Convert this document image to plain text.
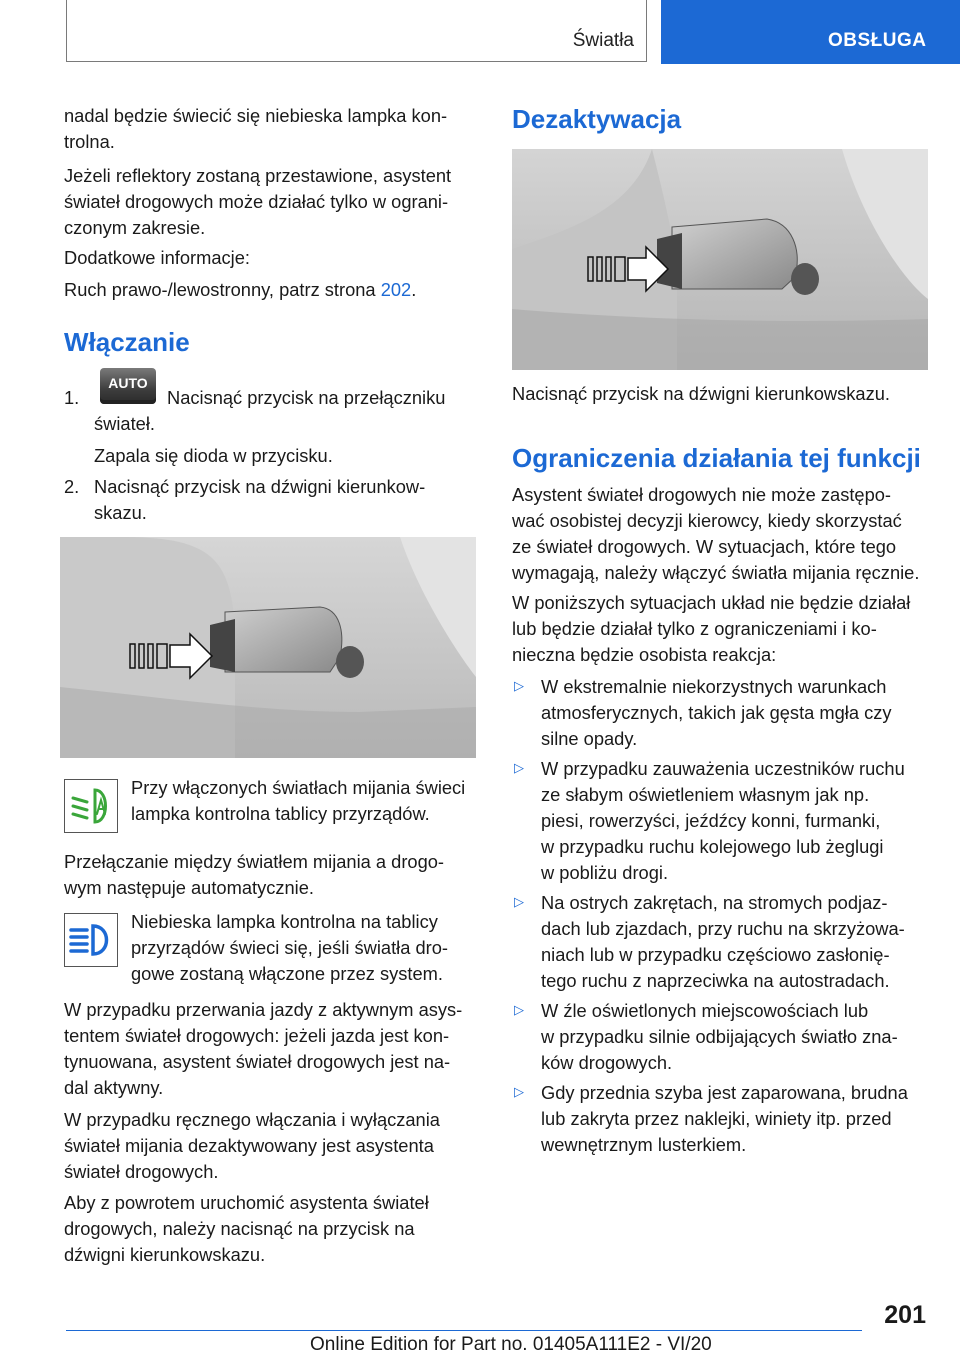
Światła	OBSŁUGA

nadal będzie świecić się niebieska lampka kon-

trolna.

Jeżeli reflektory zostaną przestawione, asystent

świateł drogowych może działać tylko w ograni-

czonym zakresie.

Dodatkowe informacje:

Ruch prawo-/lewostronny, patrz strona 202.

Włączanie

1.

AUTO

Nacisnąć przycisk na przełączniku

świateł.

Zapala się dioda w przycisku.

2. Nacisnąć przycisk na dźwigni kierunkow-

skazu.

Przy włączonych światłach mijania świeci

lampka kontrolna tablicy przyrządów.

Przełączanie między światłem mijania a drogo-

wym następuje automatycznie.

Niebieska lampka kontrolna na tablicy

przyrządów świeci się, jeśli światła dro-

gowe zostaną włączone przez system.

W przypadku przerwania jazdy z aktywnym asys-

tentem świateł drogowych: jeżeli jazda jest kon-

tynuowana, asystent świateł drogowych jest na-

dal aktywny.

W przypadku ręcznego włączania i wyłączania

świateł mijania dezaktywowany jest asystenta

świateł drogowych.

Aby z powrotem uruchomić asystenta świateł

drogowych, należy nacisnąć na przycisk na

dźwigni kierunkowskazu.

Dezaktywacja

Nacisnąć przycisk na dźwigni kierunkowskazu.

Ograniczenia działania tej funkcji

Asystent świateł drogowych nie może zastępo-

wać osobistej decyzji kierowcy, kiedy skorzystać

ze świateł drogowych. W sytuacjach, które tego

wymagają, należy włączyć światła mijania ręcznie.

W poniższych sytuacjach układ nie będzie działał

lub będzie działał tylko z ograniczeniami i ko-

nieczna będzie osobista reakcja:

▷ W ekstremalnie niekorzystnych warunkach

atmosferycznych, takich jak gęsta mgła czy

silne opady.

▷ W przypadku zauważenia uczestników ruchu

ze słabym oświetleniem własnym jak np.

piesi, rowerzyści, jeźdźcy konni, furmanki,

w przypadku ruchu kolejowego lub żeglugi

w pobliżu drogi.

▷ Na ostrych zakrętach, na stromych podjaz-

dach lub zjazdach, przy ruchu na skrzyżowa-

niach lub w przypadku częściowo zasłonię-

tego ruchu z naprzeciwka na autostradach.

▷ W źle oświetlonych miejscowościach lub

w przypadku silnie odbijających światło zna-

ków drogowych.

▷ Gdy przednia szyba jest zaparowana, brudna

lub zakryta przez naklejki, winiety itp. przed

wewnętrznym lusterkiem.

201
Online Edition for Part no. 01405A111E2 - VI/20
